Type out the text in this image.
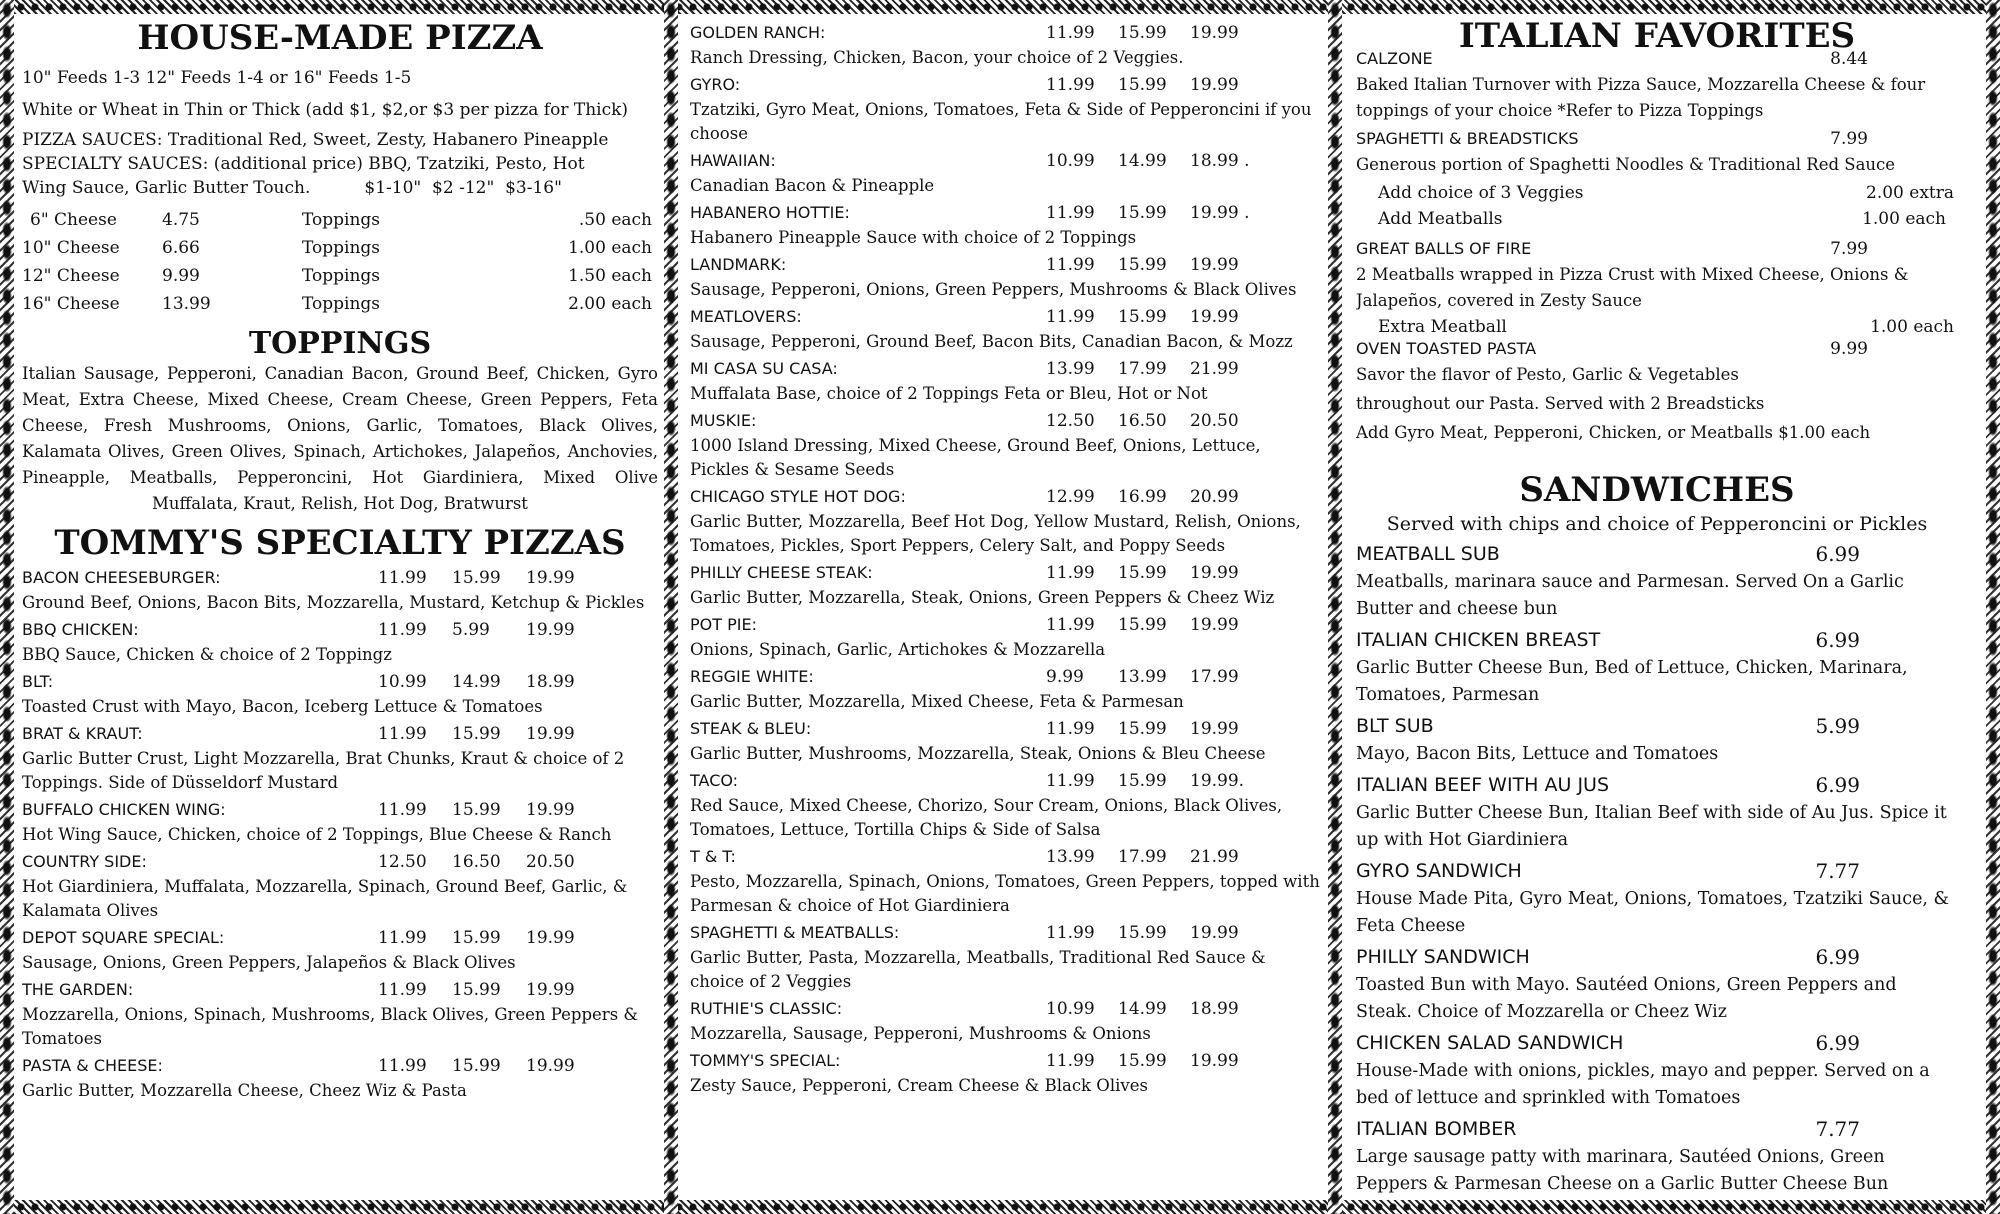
HOUSE-MADE PIZZA

10" Feeds 1-3 12" Feeds 1-4 or 16" Feeds 1-5

White or Wheat in Thin or Thick (add $1, $2,or $3 per pizza for Thick)

PIZZA SAUCES: Traditional Red, Sweet, Zesty, Habanero Pineapple

SPECIALTY SAUCES: (additional price) BBQ, Tzatziki, Pesto, Hot

Wing Sauce, Garlic Butter Touch.          $1-10"  $2 -12"  $3-16"

6" Cheese	4.75	Toppings	.50 each
10" Cheese	6.66	Toppings	1.00 each
12" Cheese	9.99	Toppings	1.50 each
16" Cheese	13.99	Toppings	2.00 each
TOPPINGS

Italian Sausage, Pepperoni, Canadian Bacon, Ground Beef, Chicken, Gyro Meat, Extra Cheese, Mixed Cheese, Cream Cheese, Green Peppers, Feta Cheese, Fresh Mushrooms, Onions, Garlic, Tomatoes, Black Olives, Kalamata Olives, Green Olives, Spinach, Artichokes, Jalapeños, Anchovies, Pineapple, Meatballs, Pepperoncini, Hot Giardiniera, Mixed Olive Muffalata, Kraut, Relish, Hot Dog, Bratwurst

TOMMY'S SPECIALTY PIZZAS
BACON CHEESEBURGER:	11.99	15.99	19.99

Ground Beef, Onions, Bacon Bits, Mozzarella, Mustard, Ketchup & Pickles

BBQ CHICKEN:	11.99	5.99	19.99

BBQ Sauce, Chicken & choice of 2 Toppingz

BLT:	10.99	14.99	18.99

Toasted Crust with Mayo, Bacon, Iceberg Lettuce & Tomatoes

BRAT & KRAUT:	11.99	15.99	19.99

Garlic Butter Crust, Light Mozzarella, Brat Chunks, Kraut & choice of 2 Toppings. Side of Düsseldorf Mustard

BUFFALO CHICKEN WING:	11.99	15.99	19.99

Hot Wing Sauce, Chicken, choice of 2 Toppings, Blue Cheese & Ranch

COUNTRY SIDE:	12.50	16.50	20.50

Hot Giardiniera, Muffalata, Mozzarella, Spinach, Ground Beef, Garlic, & Kalamata Olives

DEPOT SQUARE SPECIAL:	11.99	15.99	19.99

Sausage, Onions, Green Peppers, Jalapeños & Black Olives

THE GARDEN:	11.99	15.99	19.99

Mozzarella, Onions, Spinach, Mushrooms, Black Olives, Green Peppers & Tomatoes

PASTA & CHEESE:	11.99	15.99	19.99

Garlic Butter, Mozzarella Cheese, Cheez Wiz & Pasta

GOLDEN RANCH:	11.99	15.99	19.99

Ranch Dressing, Chicken, Bacon, your choice of 2 Veggies.

GYRO:	11.99	15.99	19.99

Tzatziki, Gyro Meat, Onions, Tomatoes, Feta & Side of Pepperoncini if you choose

HAWAIIAN:	10.99	14.99	18.99 .

Canadian Bacon & Pineapple

HABANERO HOTTIE:	11.99	15.99	19.99 .

Habanero Pineapple Sauce with choice of 2 Toppings

LANDMARK:	11.99	15.99	19.99

Sausage, Pepperoni, Onions, Green Peppers, Mushrooms & Black Olives

MEATLOVERS:	11.99	15.99	19.99

Sausage, Pepperoni, Ground Beef, Bacon Bits, Canadian Bacon, & Mozz

MI CASA SU CASA:	13.99	17.99	21.99

Muffalata Base, choice of 2 Toppings Feta or Bleu, Hot or Not

MUSKIE:	12.50	16.50	20.50

1000 Island Dressing, Mixed Cheese, Ground Beef, Onions, Lettuce, Pickles & Sesame Seeds

CHICAGO STYLE HOT DOG:	12.99	16.99	20.99

Garlic Butter, Mozzarella, Beef Hot Dog, Yellow Mustard, Relish, Onions, Tomatoes, Pickles, Sport Peppers, Celery Salt, and Poppy Seeds

PHILLY CHEESE STEAK:	11.99	15.99	19.99

Garlic Butter, Mozzarella, Steak, Onions, Green Peppers & Cheez Wiz

POT PIE:	11.99	15.99	19.99

Onions, Spinach, Garlic, Artichokes & Mozzarella

REGGIE WHITE:	9.99	13.99	17.99

Garlic Butter, Mozzarella, Mixed Cheese, Feta & Parmesan

STEAK & BLEU:	11.99	15.99	19.99

Garlic Butter, Mushrooms, Mozzarella, Steak, Onions & Bleu Cheese

TACO:	11.99	15.99	19.99.

Red Sauce, Mixed Cheese, Chorizo, Sour Cream, Onions, Black Olives, Tomatoes, Lettuce, Tortilla Chips & Side of Salsa

T & T:	13.99	17.99	21.99

Pesto, Mozzarella, Spinach, Onions, Tomatoes, Green Peppers, topped with Parmesan & choice of Hot Giardiniera

SPAGHETTI & MEATBALLS:	11.99	15.99	19.99

Garlic Butter, Pasta, Mozzarella, Meatballs, Traditional Red Sauce & choice of 2 Veggies

RUTHIE'S CLASSIC:	10.99	14.99	18.99

Mozzarella, Sausage, Pepperoni, Mushrooms & Onions

TOMMY'S SPECIAL:	11.99	15.99	19.99

Zesty Sauce, Pepperoni, Cream Cheese & Black Olives

ITALIAN FAVORITES
CALZONE	8.44

Baked Italian Turnover with Pizza Sauce, Mozzarella Cheese & four toppings of your choice *Refer to Pizza Toppings

SPAGHETTI & BREADSTICKS	7.99

Generous portion of Spaghetti Noodles & Traditional Red Sauce

Add choice of 3 Veggies	2.00 extra
Add Meatballs	1.00 each
GREAT BALLS OF FIRE	7.99

2 Meatballs wrapped in Pizza Crust with Mixed Cheese, Onions & Jalapeños, covered in Zesty Sauce

Extra Meatball	1.00 each
OVEN TOASTED PASTA	9.99

Savor the flavor of Pesto, Garlic & Vegetables

throughout our Pasta. Served with 2 Breadsticks

Add Gyro Meat, Pepperoni, Chicken, or Meatballs $1.00 each

SANDWICHES

Served with chips and choice of Pepperoncini or Pickles

MEATBALL SUB	6.99

Meatballs, marinara sauce and Parmesan. Served On a Garlic Butter and cheese bun

ITALIAN CHICKEN BREAST	6.99

Garlic Butter Cheese Bun, Bed of Lettuce, Chicken, Marinara, Tomatoes, Parmesan

BLT SUB	5.99

Mayo, Bacon Bits, Lettuce and Tomatoes

ITALIAN BEEF WITH AU JUS	6.99

Garlic Butter Cheese Bun, Italian Beef with side of Au Jus. Spice it up with Hot Giardiniera

GYRO SANDWICH	7.77

House Made Pita, Gyro Meat, Onions, Tomatoes, Tzatziki Sauce, & Feta Cheese

PHILLY SANDWICH	6.99

Toasted Bun with Mayo. Sautéed Onions, Green Peppers and Steak. Choice of Mozzarella or Cheez Wiz

CHICKEN SALAD SANDWICH	6.99

House-Made with onions, pickles, mayo and pepper. Served on a bed of lettuce and sprinkled with Tomatoes

ITALIAN BOMBER	7.77

Large sausage patty with marinara, Sautéed Onions, Green Peppers & Parmesan Cheese on a Garlic Butter Cheese Bun
